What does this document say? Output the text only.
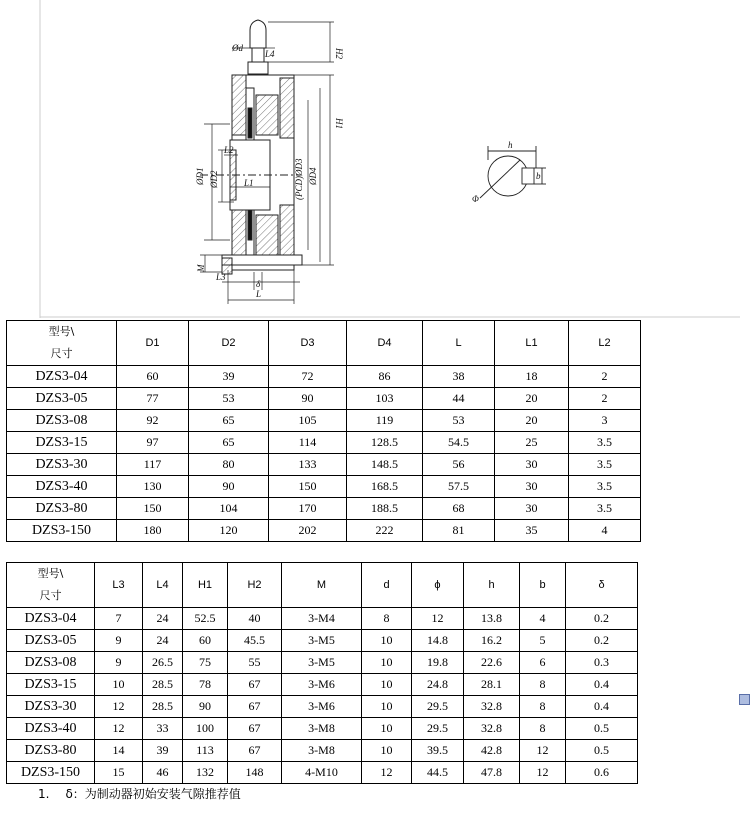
Ød
L4	H2
H1
ØD1 ØD2	(PCD)ØD3 ØD4
L2
L1
M
L3
δ
L
h
b
Φ
型号\
尺寸	D1	D2	D3	D4	L	L1	L2
DZS3-04	60	39	72	86	38	18	2
DZS3-05	77	53	90	103	44	20	2
DZS3-08	92	65	105	119	53	20	3
DZS3-15	97	65	114	128.5	54.5	25	3.5
DZS3-30	117	80	133	148.5	56	30	3.5
DZS3-40	130	90	150	168.5	57.5	30	3.5
DZS3-80	150	104	170	188.5	68	30	3.5
DZS3-150	180	120	202	222	81	35	4
型号\
尺寸	L3	L4	H1	H2	M	d	ϕ	h	b	δ
DZS3-04	7	24	52.5	40	3-M4	8	12	13.8	4	0.2
DZS3-05	9	24	60	45.5	3-M5	10	14.8	16.2	5	0.2
DZS3-08	9	26.5	75	55	3-M5	10	19.8	22.6	6	0.3
DZS3-15	10	28.5	78	67	3-M6	10	24.8	28.1	8	0.4
DZS3-30	12	28.5	90	67	3-M6	10	29.5	32.8	8	0.4
DZS3-40	12	33	100	67	3-M8	10	29.5	32.8	8	0.5
DZS3-80	14	39	113	67	3-M8	10	39.5	42.8	12	0.5
DZS3-150	15	46	132	148	4-M10	12	44.5	47.8	12	0.6
1. δ：为制动器初始安装气隙推荐值
